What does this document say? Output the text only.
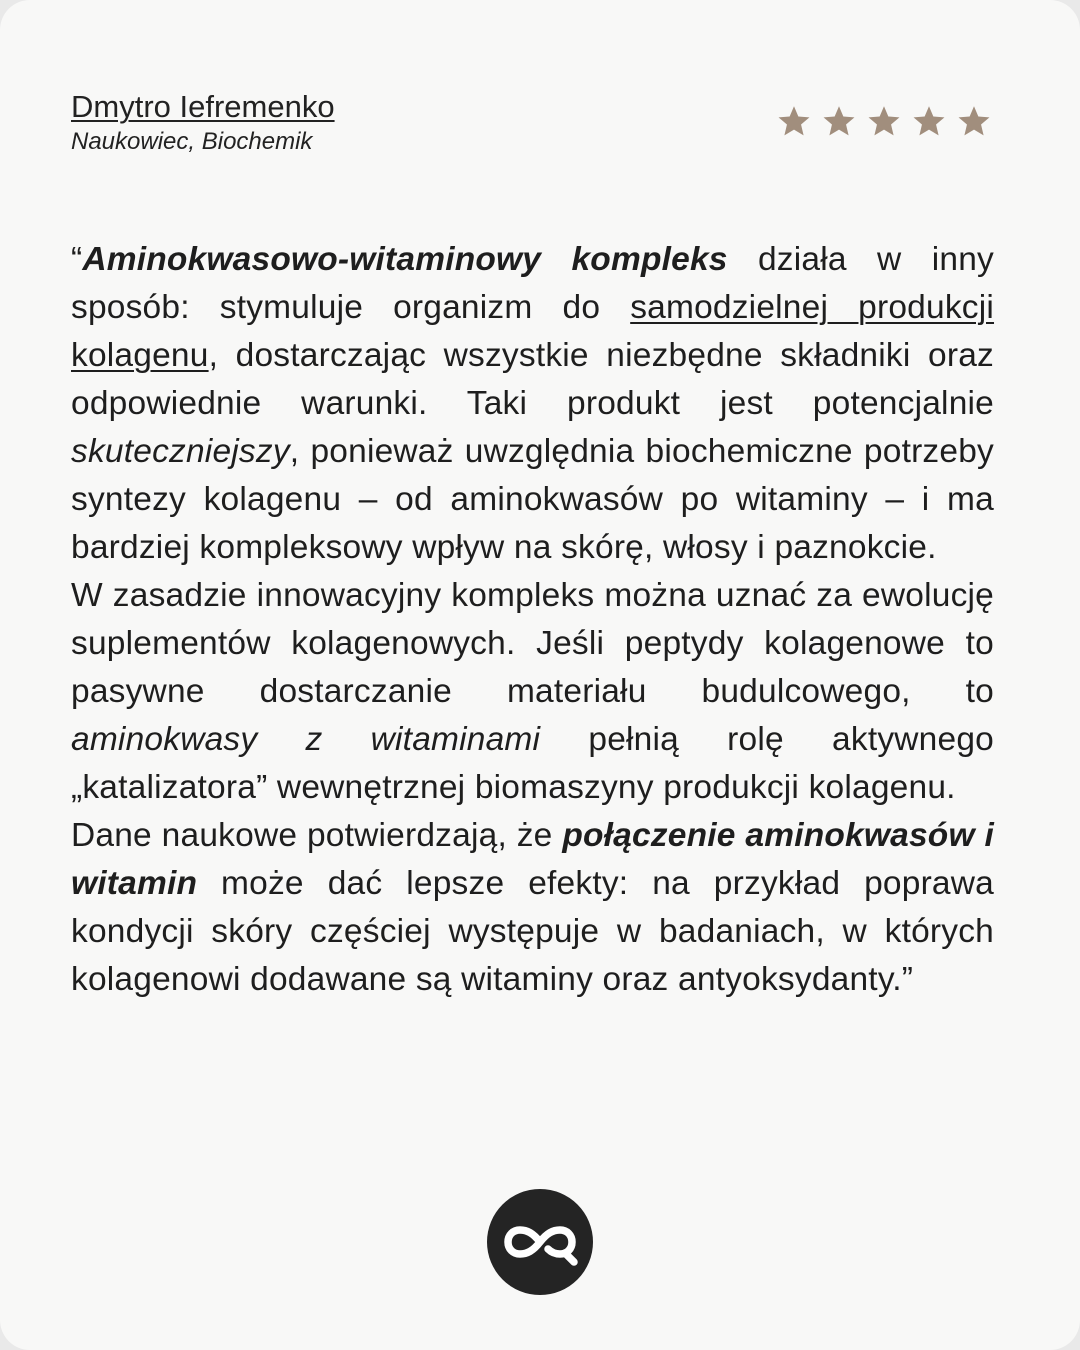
Dmytro Iefremenko
Naukowiec, Biochemik

“Aminokwasowo-witaminowy kompleks działa w inny sposób: stymuluje organizm do samodzielnej produkcji kolagenu, dostarczając wszystkie niezbędne składniki oraz odpowiednie warunki. Taki produkt jest potencjalnie skuteczniejszy, ponieważ uwzględnia biochemiczne potrzeby syntezy kolagenu – od aminokwasów po witaminy – i ma bardziej kompleksowy wpływ na skórę, włosy i paznokcie.

W zasadzie innowacyjny kompleks można uznać za ewolucję suplementów kolagenowych. Jeśli peptydy kolagenowe to pasywne dostarczanie materiału budulcowego, to aminokwasy z witaminami pełnią rolę aktywnego „katalizatora” wewnętrznej biomaszyny produkcji kolagenu.

Dane naukowe potwierdzają, że połączenie aminokwasów i witamin może dać lepsze efekty: na przykład poprawa kondycji skóry częściej występuje w badaniach, w których kolagenowi dodawane są witaminy oraz antyoksydanty.”
